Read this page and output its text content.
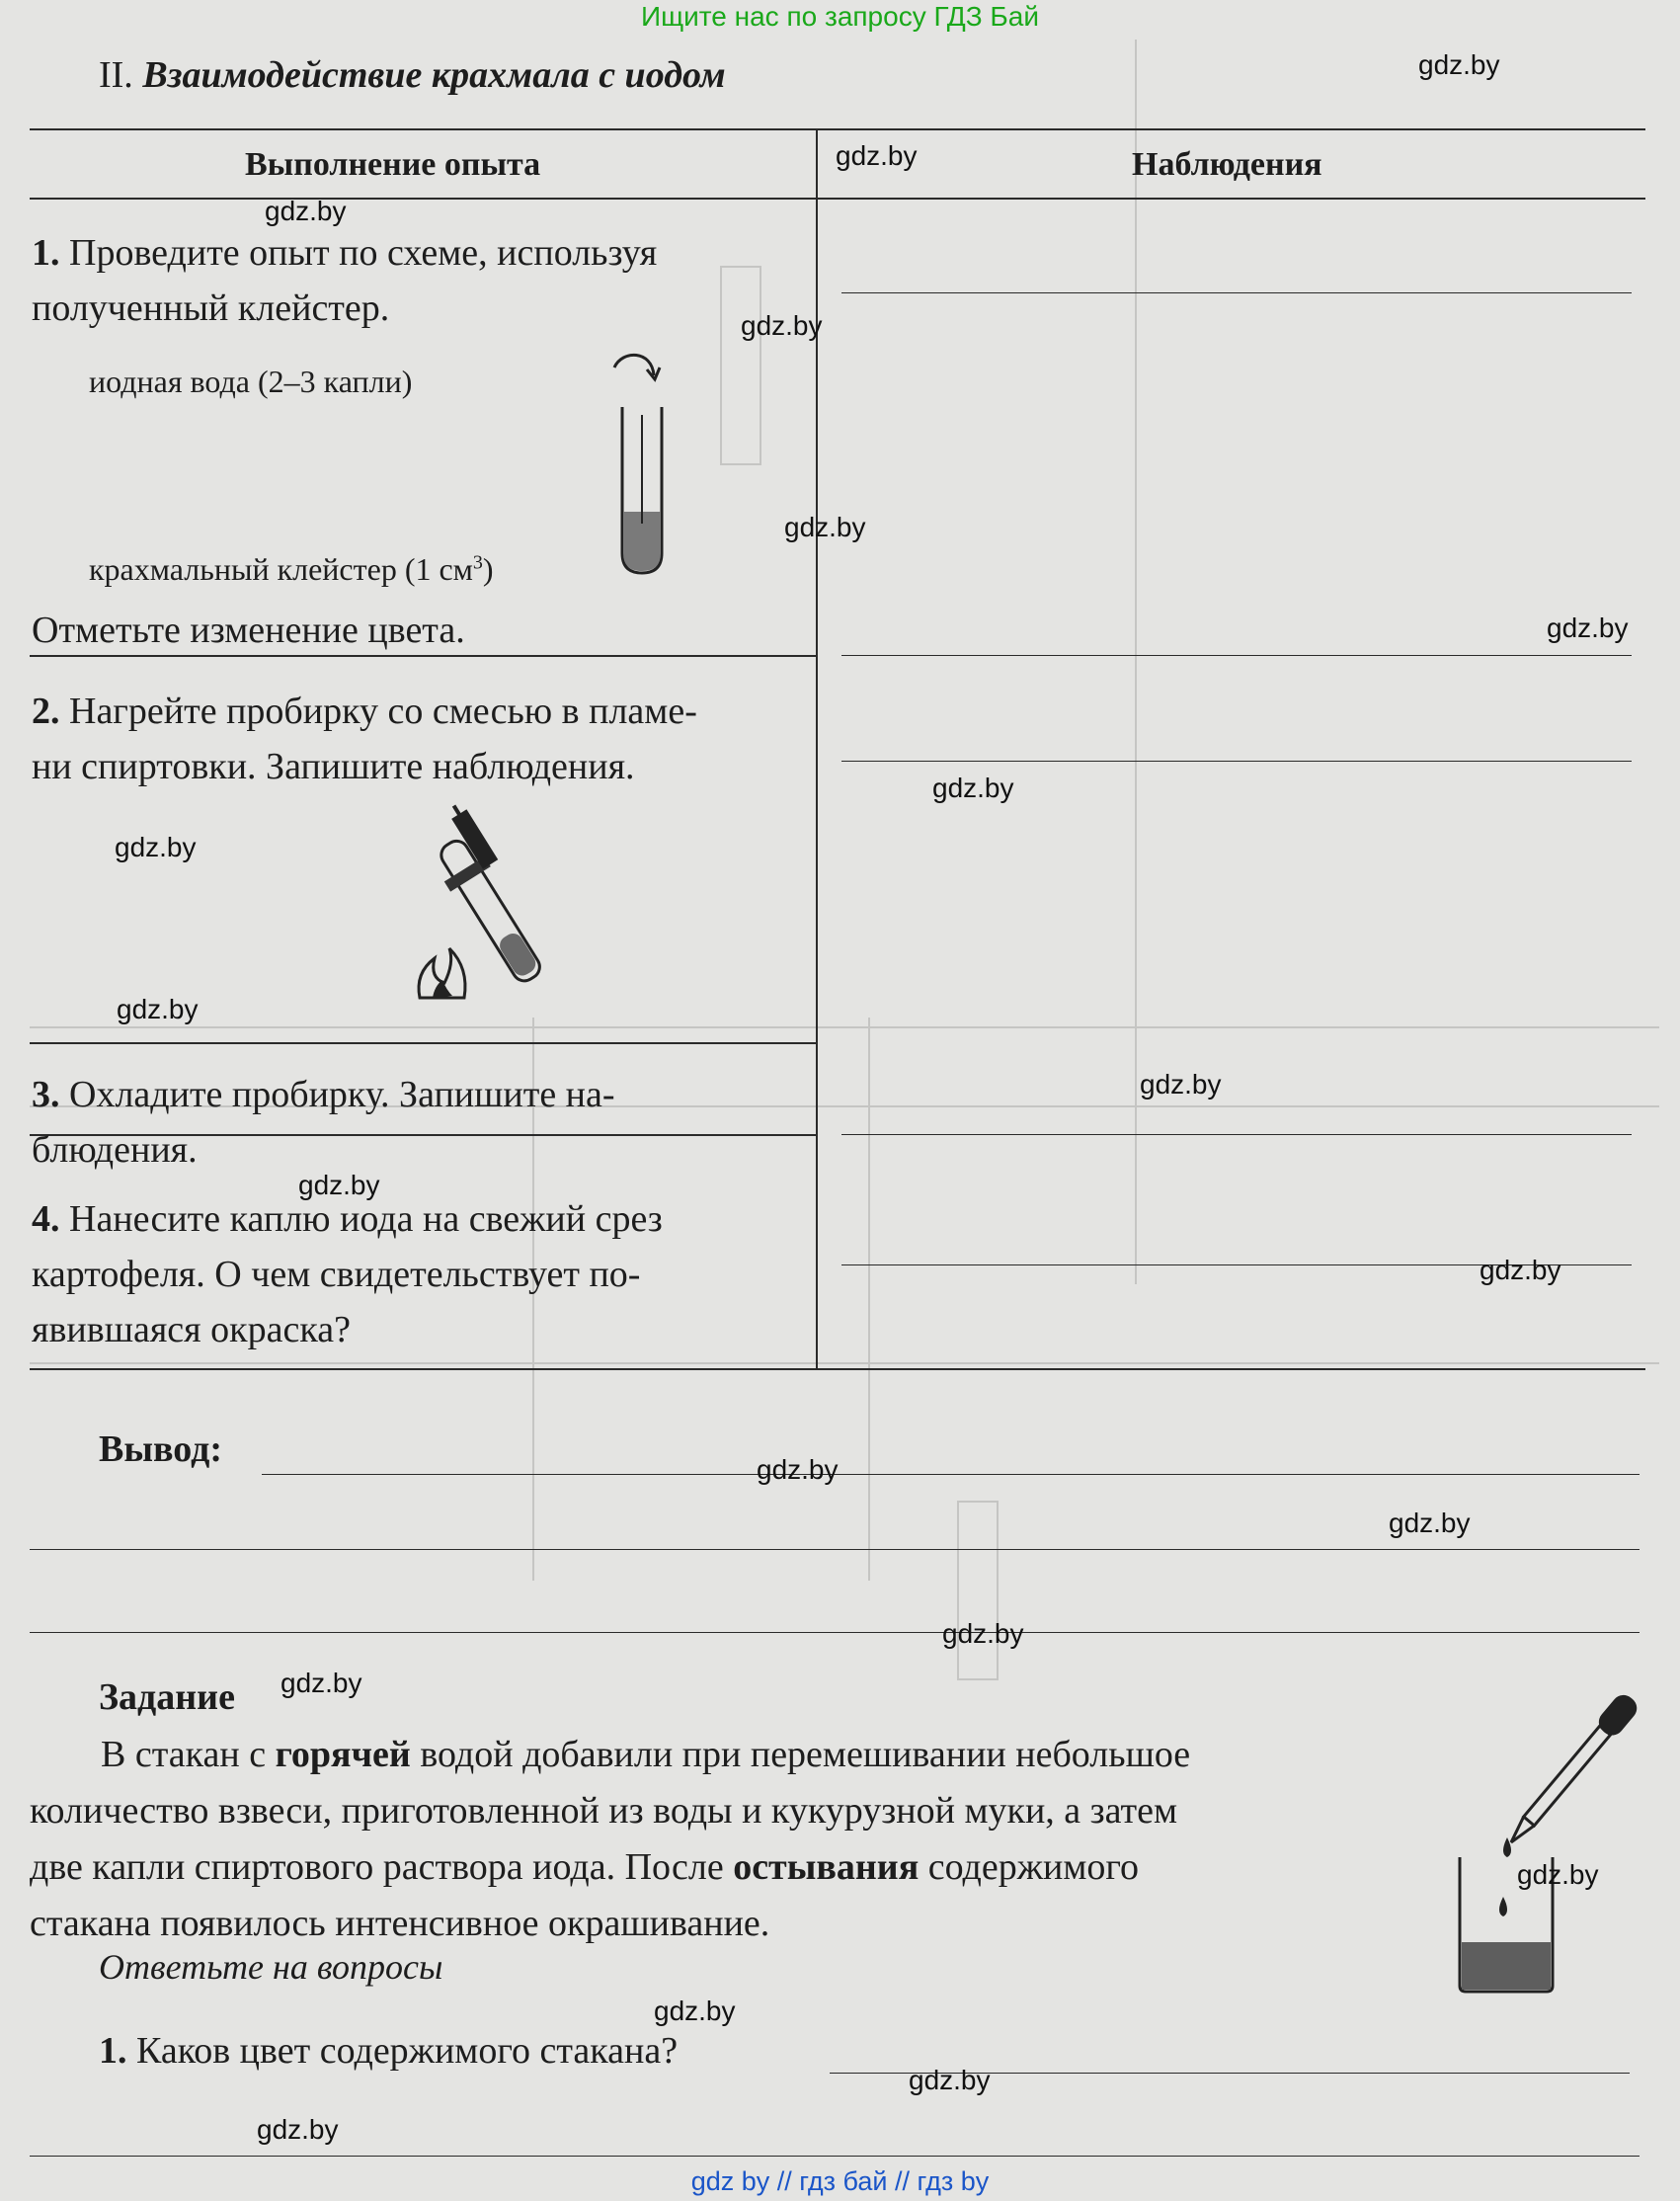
Ищите нас по запросу ГДЗ Бай
II. Взаимодействие крахмала с иодом
Выполнение опыта	Наблюдения
1. Проведите опыт по схеме, используя
полученный клейстер.
иодная вода (2–3 капли)
крахмальный клейстер (1 $см^3$)
Отметьте изменение цвета.
2. Нагрейте пробирку со смесью в пламе-
ни спиртовки. Запишите наблюдения.
3. Охладите пробирку. Запишите на-
блюдения.
4. Нанесите каплю иода на свежий срез
картофеля. О чем свидетельствует по-
явившаяся окраска?
Вывод:
Задание
В стакан с горячей водой добавили при перемешивании небольшое
количество взвеси, приготовленной из воды и кукурузной муки, а затем
две капли спиртового раствора иода. После остывания содержимого
стакана появилось интенсивное окрашивание.
Ответьте на вопросы
1. Каков цвет содержимого стакана?
gdz.by
gdz.by
gdz.by
gdz.by
gdz.by
gdz.by
gdz.by
gdz.by
gdz.by
gdz.by
gdz.by
gdz.by
gdz.by
gdz.by
gdz.by
gdz.by
gdz.by
gdz.by
gdz.by
gdz.by
gdz by // гдз бай // гдз by
